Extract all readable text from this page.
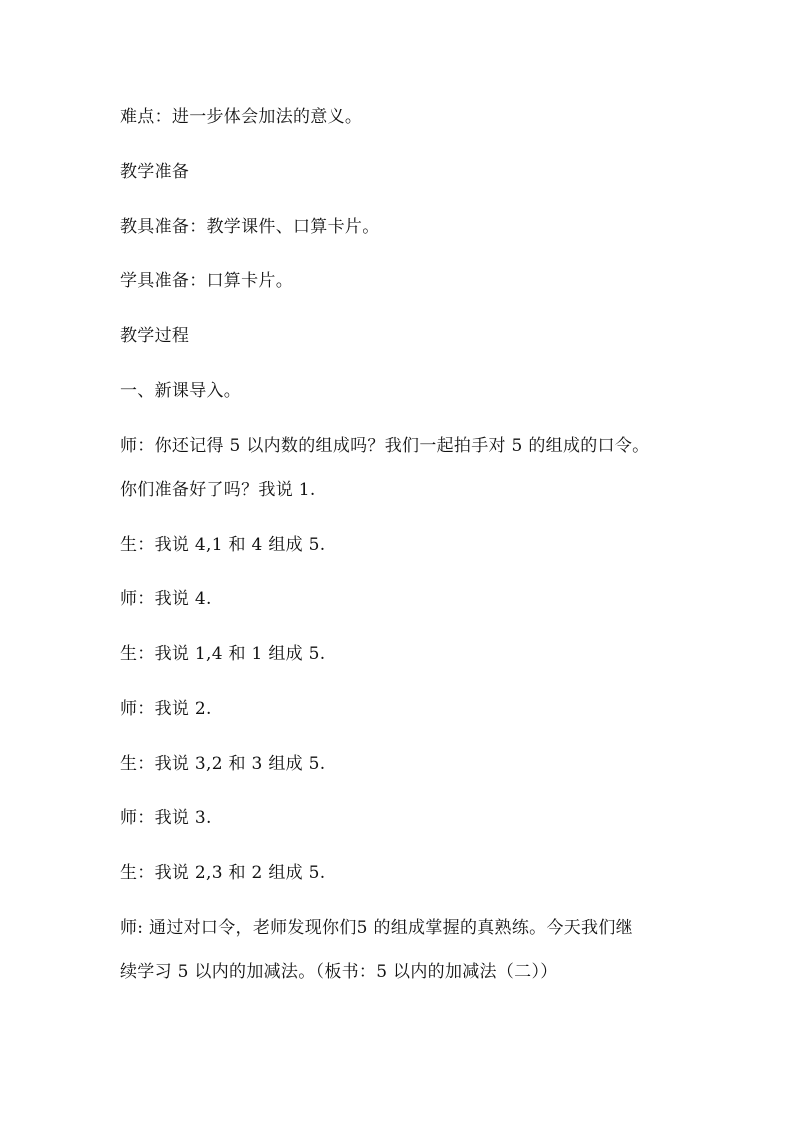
难点：进一步体会加法的意义。
教学准备
教具准备：教学课件、口算卡片。
学具准备：口算卡片。
教学过程
一、新课导入。
师：你还记得 5 以内数的组成吗？我们一起拍手对 5 的组成的口令。
你们准备好了吗？我说 1.
生：我说 4,1 和 4 组成 5.
师：我说 4.
生：我说 1,4 和 1 组成 5.
师：我说 2.
生：我说 3,2 和 3 组成 5.
师：我说 3.
生：我说 2,3 和 2 组成 5.
师: 通过对口令，老师发现你们5 的组成掌握的真熟练。今天我们继
续学习 5 以内的加减法。（板书：5 以内的加减法（二））
